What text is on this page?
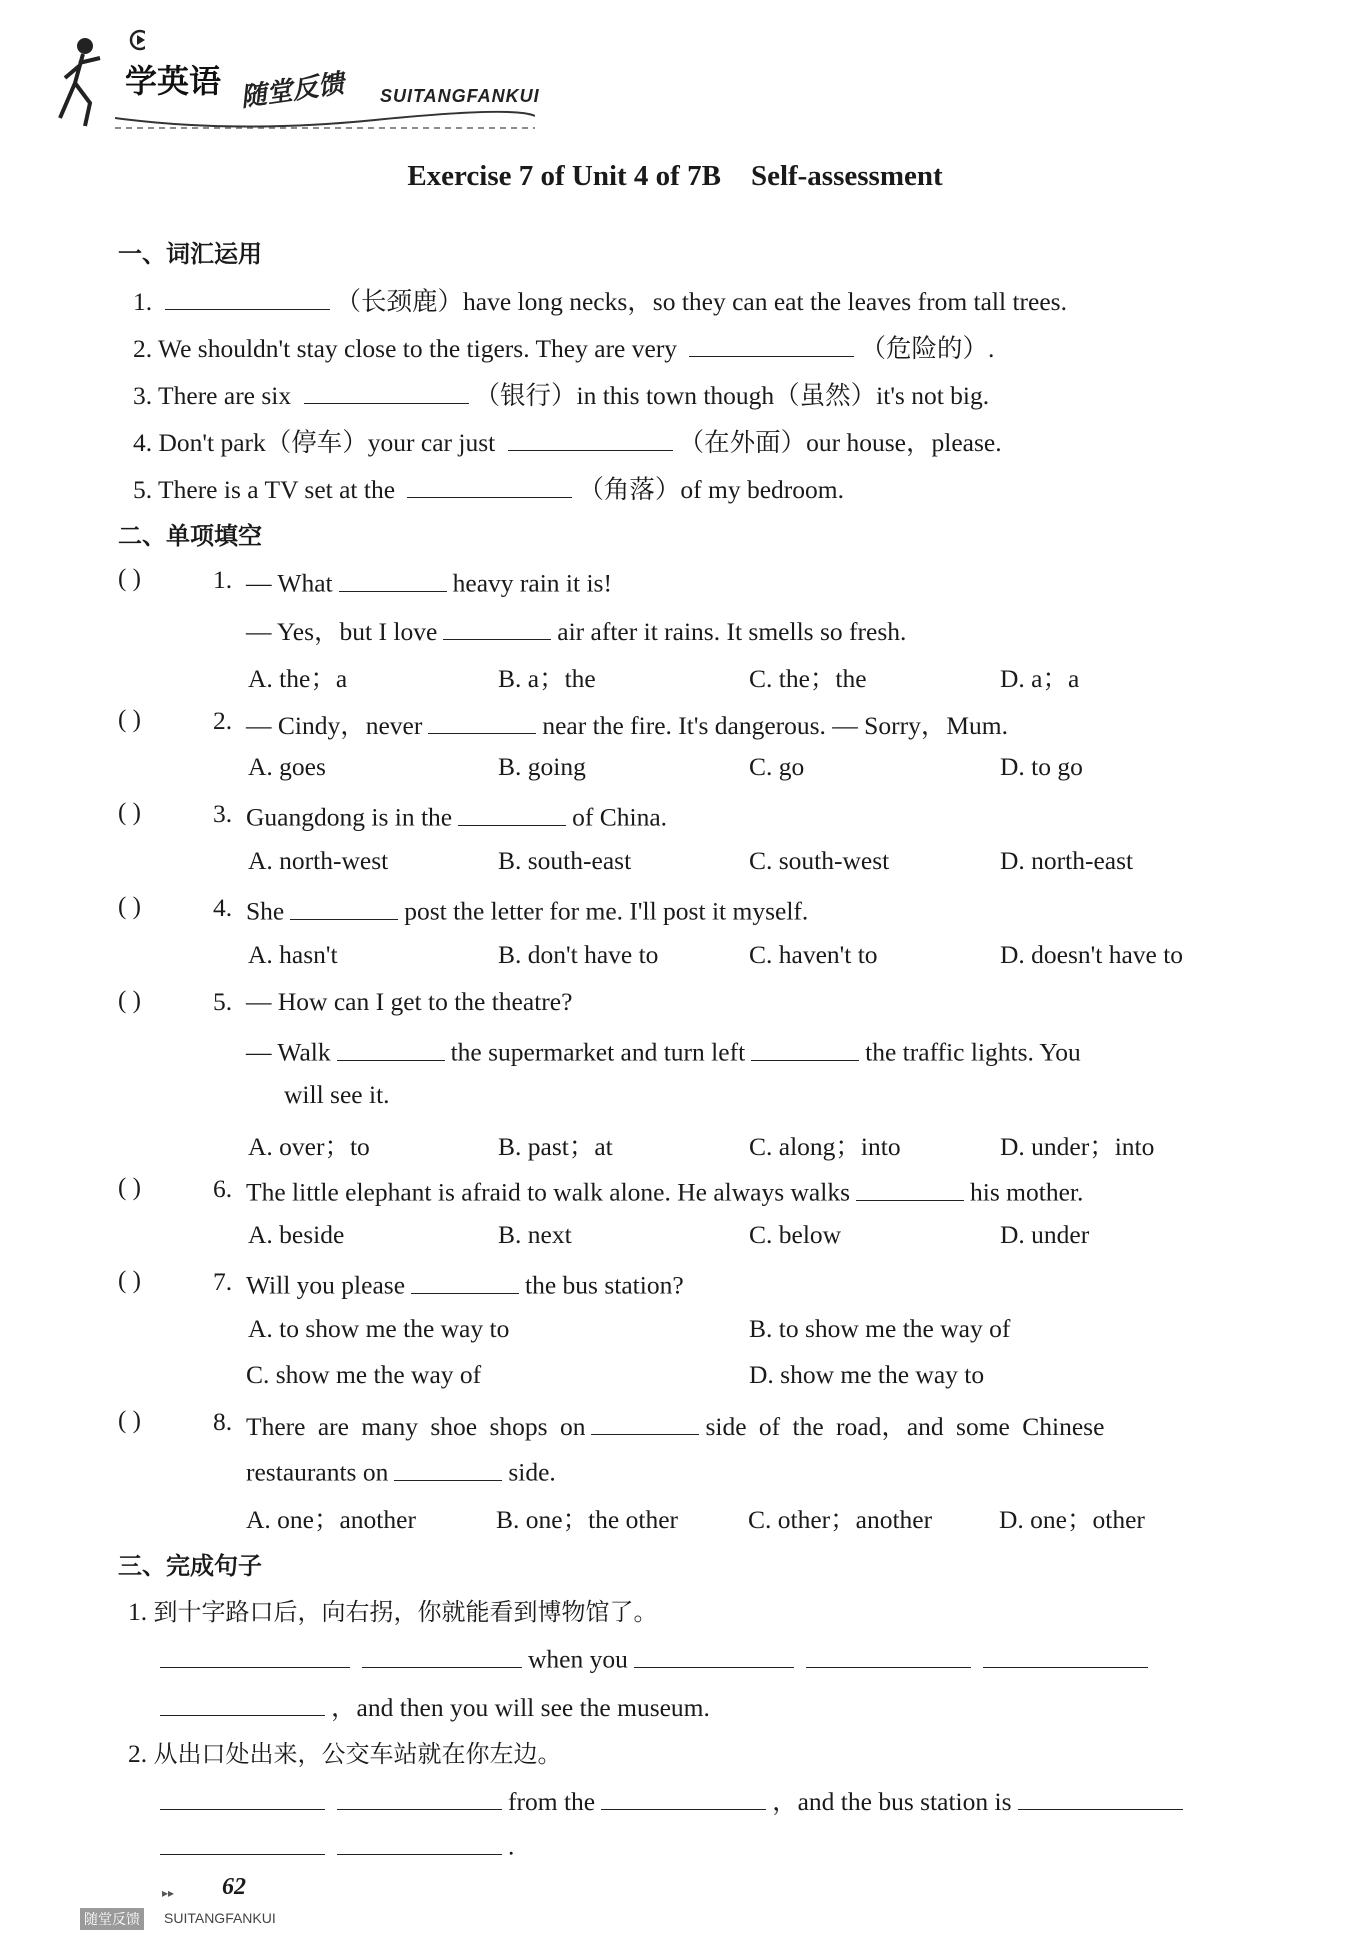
学英语 随堂反馈 SUITANGFANKUI
Exercise 7 of Unit 4 of 7B Self-assessment
一、词汇运用
1.	（长颈鹿）have long necks，so they can eat the leaves from tall trees.
2. We shouldn't stay close to the tigers. They are very	（危险的）.
3. There are six	（银行）in this town though（虽然）it's not big.
4. Don't park（停车）your car just	（在外面）our house，please.
5. There is a TV set at the	（角落）of my bedroom.
二、单项填空
( )	1. — What	heavy rain it is!
— Yes，but I love	air after it rains. It smells so fresh.
A. the；a	B. a；the	C. the；the	D. a；a
( )	2. — Cindy，never	near the fire. It's dangerous. — Sorry，Mum.
A. goes	B. going	C. go	D. to go
( )	3. Guangdong is in the	of China.
A. north-west	B. south-east	C. south-west	D. north-east
( )	4. She	post the letter for me. I'll post it myself.
A. hasn't	B. don't have to	C. haven't to	D. doesn't have to
( )	5. — How can I get to the theatre?
— Walk	the supermarket and turn left	the traffic lights. You
will see it.
A. over；to	B. past；at	C. along；into	D. under；into
( )	6. The little elephant is afraid to walk alone. He always walks	his mother.
A. beside	B. next	C. below	D. under
( )	7. Will you please	the bus station?
A. to show me the way to	B. to show me the way of
C. show me the way of	D. show me the way to
( )	8. There are many shoe shops on	side of the road，and some Chinese
restaurants on	side.
A. one；another	B. one；the other	C. other；another	D. one；other
三、完成句子
1. 到十字路口后，向右拐，你就能看到博物馆了。
when you
，and then you will see the museum.
2. 从出口处出来，公交车站就在你左边。
from the	，and the bus station is
.
▸▸ 62
随堂反馈 SUITANGFANKUI
